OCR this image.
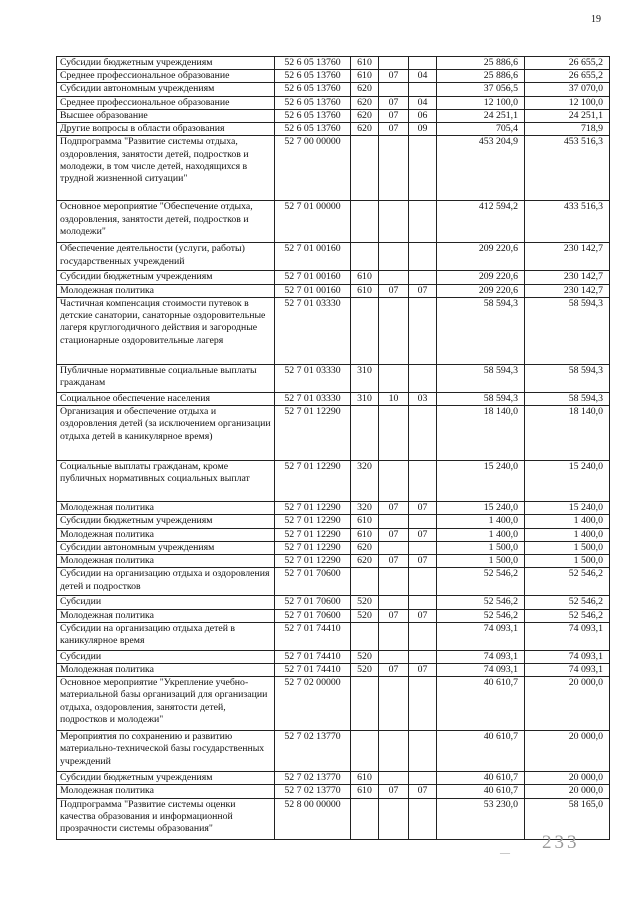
19
Субсидии бюджетным учреждениям	52 6 05 13760	610			25 886,6	26 655,2
Среднее профессиональное образование	52 6 05 13760	610	07	04	25 886,6	26 655,2
Субсидии автономным учреждениям	52 6 05 13760	620			37 056,5	37 070,0
Среднее профессиональное образование	52 6 05 13760	620	07	04	12 100,0	12 100,0
Высшее образование	52 6 05 13760	620	07	06	24 251,1	24 251,1
Другие вопросы в области образования	52 6 05 13760	620	07	09	705,4	718,9
Подпрограмма "Развитие системы отдыха, оздоровления, занятости детей, подростков и молодежи, в том числе детей, находящихся в трудной жизненной ситуации"	52 7 00 00000				453 204,9	453 516,3
Основное мероприятие "Обеспечение отдыха, оздоровления, занятости детей, подростков и молодежи"	52 7 01 00000				412 594,2	433 516,3
Обеспечение деятельности (услуги, работы) государственных учреждений	52 7 01 00160				209 220,6	230 142,7
Субсидии бюджетным учреждениям	52 7 01 00160	610			209 220,6	230 142,7
Молодежная политика	52 7 01 00160	610	07	07	209 220,6	230 142,7
Частичная компенсация стоимости путевок в детские санатории, санаторные оздоровительные лагеря круглогодичного действия и загородные стационарные оздоровительные лагеря	52 7 01 03330				58 594,3	58 594,3
Публичные нормативные социальные выплаты гражданам	52 7 01 03330	310			58 594,3	58 594,3
Социальное обеспечение населения	52 7 01 03330	310	10	03	58 594,3	58 594,3
Организация и обеспечение отдыха и оздоровления детей (за исключением организации отдыха детей в каникулярное время)	52 7 01 12290				18 140,0	18 140,0
Социальные выплаты гражданам, кроме публичных нормативных социальных выплат	52 7 01 12290	320			15 240,0	15 240,0
Молодежная политика	52 7 01 12290	320	07	07	15 240,0	15 240,0
Субсидии бюджетным учреждениям	52 7 01 12290	610			1 400,0	1 400,0
Молодежная политика	52 7 01 12290	610	07	07	1 400,0	1 400,0
Субсидии автономным учреждениям	52 7 01 12290	620			1 500,0	1 500,0
Молодежная политика	52 7 01 12290	620	07	07	1 500,0	1 500,0
Субсидии на организацию отдыха и оздоровления детей и подростков	52 7 01 70600				52 546,2	52 546,2
Субсидии	52 7 01 70600	520			52 546,2	52 546,2
Молодежная политика	52 7 01 70600	520	07	07	52 546,2	52 546,2
Субсидии на организацию отдыха детей в каникулярное время	52 7 01 74410				74 093,1	74 093,1
Субсидии	52 7 01 74410	520			74 093,1	74 093,1
Молодежная политика	52 7 01 74410	520	07	07	74 093,1	74 093,1
Основное мероприятие "Укрепление учебно-материальной базы организаций для организации отдыха, оздоровления, занятости детей, подростков и молодежи"	52 7 02 00000				40 610,7	20 000,0
Мероприятия по сохранению и развитию материально-технической базы государственных учреждений	52 7 02 13770				40 610,7	20 000,0
Субсидии бюджетным учреждениям	52 7 02 13770	610			40 610,7	20 000,0
Молодежная политика	52 7 02 13770	610	07	07	40 610,7	20 000,0
Подпрограмма "Развитие системы оценки качества образования и информационной прозрачности системы образования"	52 8 00 00000				53 230,0	58 165,0
—
233
